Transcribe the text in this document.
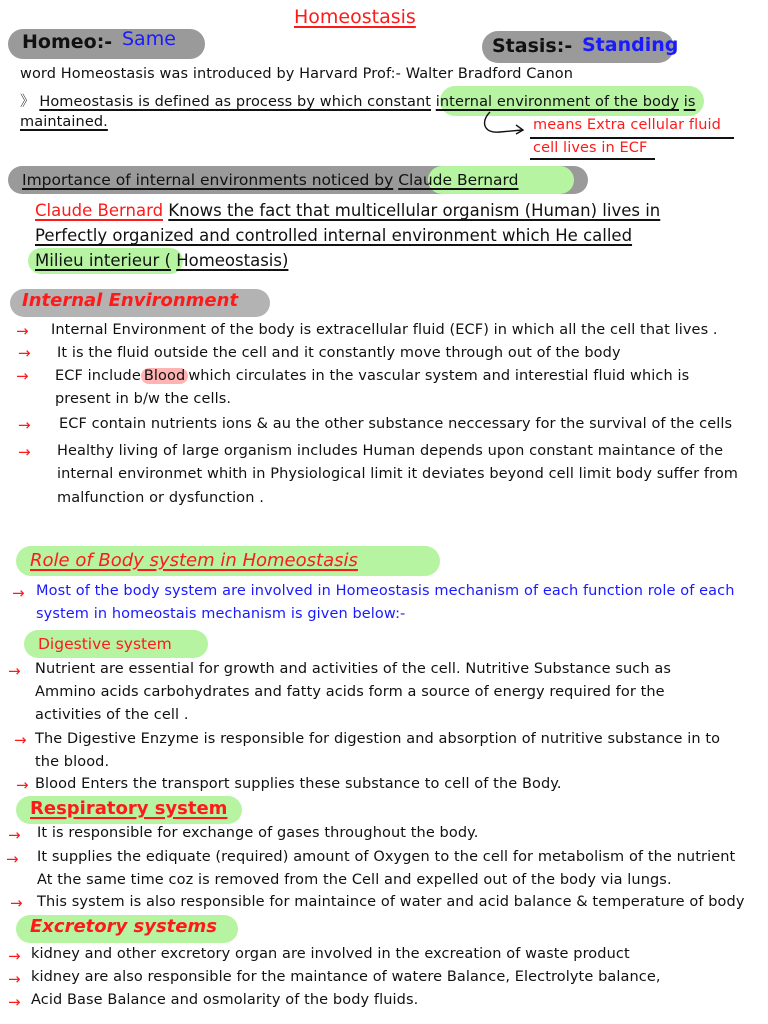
Homeostasis
Homeo:- Same	Stasis:- Standing
word Homeostasis was introduced by Harvard Prof:- Walter Bradford Canon
》 Homeostasis is defined as process by which constant internal environment of the body is
maintained.	means Extra cellular fluid
cell lives in ECF
Importance of internal environments noticed by Claude Bernard
Claude Bernard Knows the fact that multicellular organism (Human) lives in
Perfectly organized and controlled internal environment which He called
Milieu interieur ( Homeostasis)
Internal Environment
→ Internal Environment of the body is extracellular fluid (ECF) in which all the cell that lives .
→ It is the fluid outside the cell and it constantly move through out of the body
→ ECF include Blood which circulates in the vascular system and interestial fluid which is
present in b/w the cells.
→ ECF contain nutrients ions & au the other substance neccessary for the survival of the cells
→ Healthy living of large organism includes Human depends upon constant maintance of the
internal environmet whith in Physiological limit it deviates beyond cell limit body suffer from
malfunction or dysfunction .
Role of Body system in Homeostasis
→ Most of the body system are involved in Homeostasis mechanism of each function role of each
system in homeostais mechanism is given below:-
Digestive system
→ Nutrient are essential for growth and activities of the cell. Nutritive Substance such as
Ammino acids carbohydrates and fatty acids form a source of energy required for the
activities of the cell .
→ The Digestive Enzyme is responsible for digestion and absorption of nutritive substance in to
the blood.
→ Blood Enters the transport supplies these substance to cell of the Body.
Respiratory system
→ It is responsible for exchange of gases throughout the body.
→ It supplies the ediquate (required) amount of Oxygen to the cell for metabolism of the nutrient
At the same time coz is removed from the Cell and expelled out of the body via lungs.
→ This system is also responsible for maintaince of water and acid balance & temperature of body
Excretory systems
→ kidney and other excretory organ are involved in the excreation of waste product
→ kidney are also responsible for the maintance of watere Balance, Electrolyte balance,
→ Acid Base Balance and osmolarity of the body fluids.
